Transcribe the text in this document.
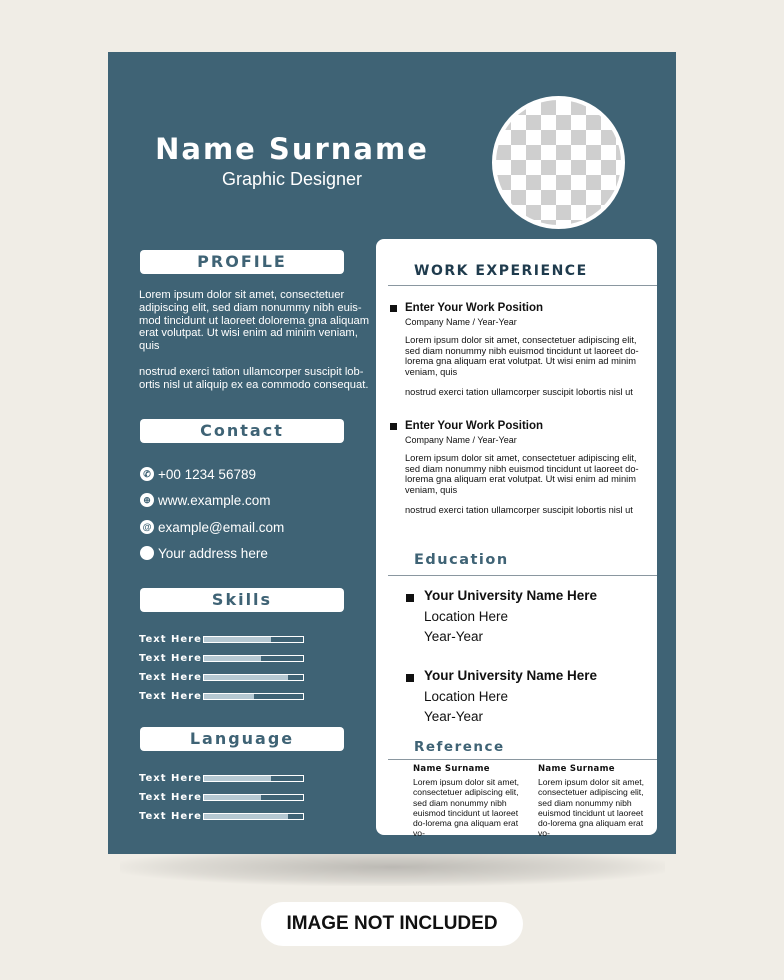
Name Surname
Graphic Designer
PROFILE
Lorem ipsum dolor sit amet, consectetuer adipiscing elit, sed diam nonummy nibh euis-mod tincidunt ut laoreet dolorema gna aliquam erat volutpat. Ut wisi enim ad minim veniam, quis
nostrud exerci tation ullamcorper suscipit lob-ortis nisl ut aliquip ex ea commodo consequat.
Contact
✆ +00 1234 56789
⊕ www.example.com
@ example@email.com
Your address here
Skills
Text Here
Text Here
Text Here
Text Here
Language
Text Here
Text Here
Text Here
WORK EXPERIENCE
Enter Your Work Position
Company Name / Year-Year
Lorem ipsum dolor sit amet, consectetuer adipiscing elit, sed diam nonummy nibh euismod tincidunt ut laoreet do-lorema gna aliquam erat volutpat. Ut wisi enim ad minim veniam, quis
nostrud exerci tation ullamcorper suscipit lobortis nisl ut
Enter Your Work Position
Company Name / Year-Year
Lorem ipsum dolor sit amet, consectetuer adipiscing elit, sed diam nonummy nibh euismod tincidunt ut laoreet do-lorema gna aliquam erat volutpat. Ut wisi enim ad minim veniam, quis
nostrud exerci tation ullamcorper suscipit lobortis nisl ut
Education
Your University Name Here
Location Here
Year-Year
Your University Name Here
Location Here
Year-Year
Reference
Name Surname
Lorem ipsum dolor sit amet, consectetuer adipiscing elit, sed diam nonummy nibh euismod tincidunt ut laoreet do-lorema gna aliquam erat vo-
Name Surname
Lorem ipsum dolor sit amet, consectetuer adipiscing elit, sed diam nonummy nibh euismod tincidunt ut laoreet do-lorema gna aliquam erat vo-
IMAGE NOT INCLUDED
